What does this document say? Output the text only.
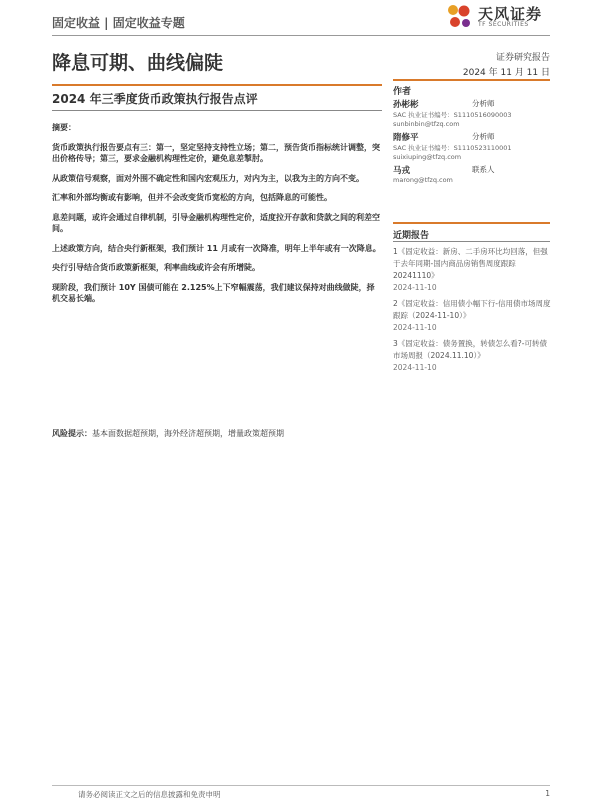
固定收益 | 固定收益专题	天风证券
TF SECURITIES
降息可期、曲线偏陡	证券研究报告
2024 年 11 月 11 日
作者
2024 年三季度货币政策执行报告点评
摘要：

货币政策执行报告要点有三：第一，坚定坚持支持性立场；第二，预告货币指标统计调整，突出价格传导；第三，要求金融机构理性定价，避免息差掣肘。

从政策信号观察，面对外围不确定性和国内宏观压力，对内为主，以我为主的方向不变。

汇率和外部均衡或有影响，但并不会改变货币宽松的方向，包括降息的可能性。

息差问题，或许会通过自律机制，引导金融机构理性定价，适度拉开存款和贷款之间的利差空间。

上述政策方向，结合央行新框架，我们预计 11 月或有一次降准，明年上半年或有一次降息。

央行引导结合货币政策新框架，利率曲线或许会有所增陡。

现阶段，我们预计 10Y 国债可能在 2.125%上下窄幅震荡，我们建议保持对曲线做陡，择机交易长端。

风险提示：基本面数据超预期，海外经济超预期，增量政策超预期
孙彬彬	分析师
SAC 执业证书编号：S1110516090003
sunbinbin@tfzq.com
隋修平	分析师
SAC 执业证书编号：S1110523110001
suixiuping@tfzq.com
马戎	联系人
marong@tfzq.com
近期报告
1《固定收益：新房、二手房环比均回落，但强于去年同期-国内商品房销售周度跟踪 20241110》
2024-11-10
2《固定收益：信用债小幅下行-信用债市场周度跟踪（2024-11-10）》
2024-11-10
3《固定收益：债务置换，转债怎么看?-可转债市场周报（2024.11.10）》
2024-11-10
请务必阅读正文之后的信息披露和免责申明	1
